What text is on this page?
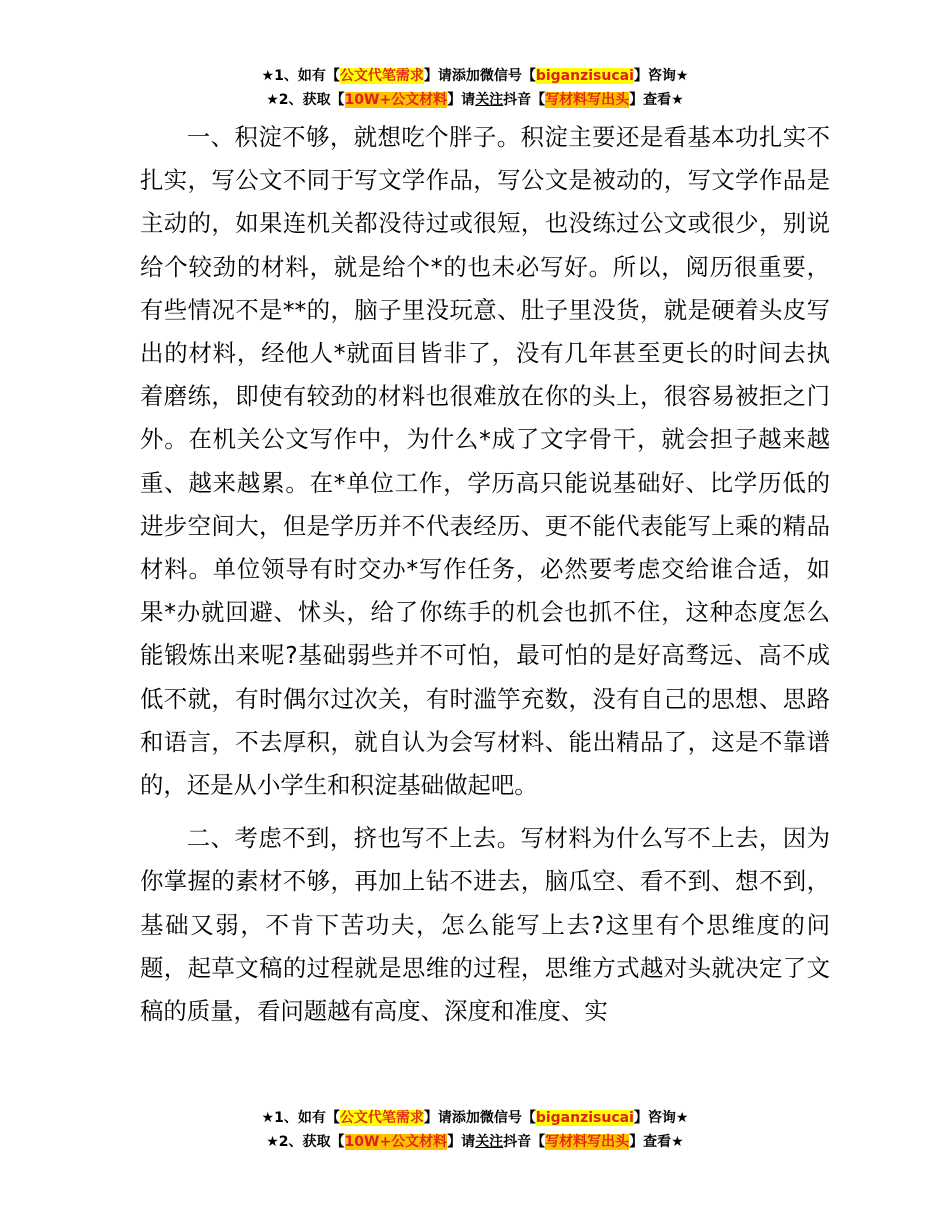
★1、如有【公文代笔需求】请添加微信号【biganzisucai】咨询★
★2、获取【10W+公文材料】请关注抖音【写材料写出头】查看★

一、积淀不够，就想吃个胖子。积淀主要还是看基本功扎实不扎实，写公文不同于写文学作品，写公文是被动的，写文学作品是主动的，如果连机关都没待过或很短，也没练过公文或很少，别说给个较劲的材料，就是给个*的也未必写好。所以，阅历很重要，有些情况不是**的，脑子里没玩意、肚子里没货，就是硬着头皮写出的材料，经他人*就面目皆非了，没有几年甚至更长的时间去执着磨练，即使有较劲的材料也很难放在你的头上，很容易被拒之门外。在机关公文写作中，为什么*成了文字骨干，就会担子越来越重、越来越累。在*单位工作，学历高只能说基础好、比学历低的进步空间大，但是学历并不代表经历、更不能代表能写上乘的精品材料。单位领导有时交办*写作任务，必然要考虑交给谁合适，如果*办就回避、怵头，给了你练手的机会也抓不住，这种态度怎么能锻炼出来呢?基础弱些并不可怕，最可怕的是好高骛远、高不成低不就，有时偶尔过次关，有时滥竽充数，没有自己的思想、思路和语言，不去厚积，就自认为会写材料、能出精品了，这是不靠谱的，还是从小学生和积淀基础做起吧。

二、考虑不到，挤也写不上去。写材料为什么写不上去，因为你掌握的素材不够，再加上钻不进去，脑瓜空、看不到、想不到，基础又弱，不肯下苦功夫，怎么能写上去?这里有个思维度的问题，起草文稿的过程就是思维的过程，思维方式越对头就决定了文稿的质量，看问题越有高度、深度和准度、实

★1、如有【公文代笔需求】请添加微信号【biganzisucai】咨询★
★2、获取【10W+公文材料】请关注抖音【写材料写出头】查看★
